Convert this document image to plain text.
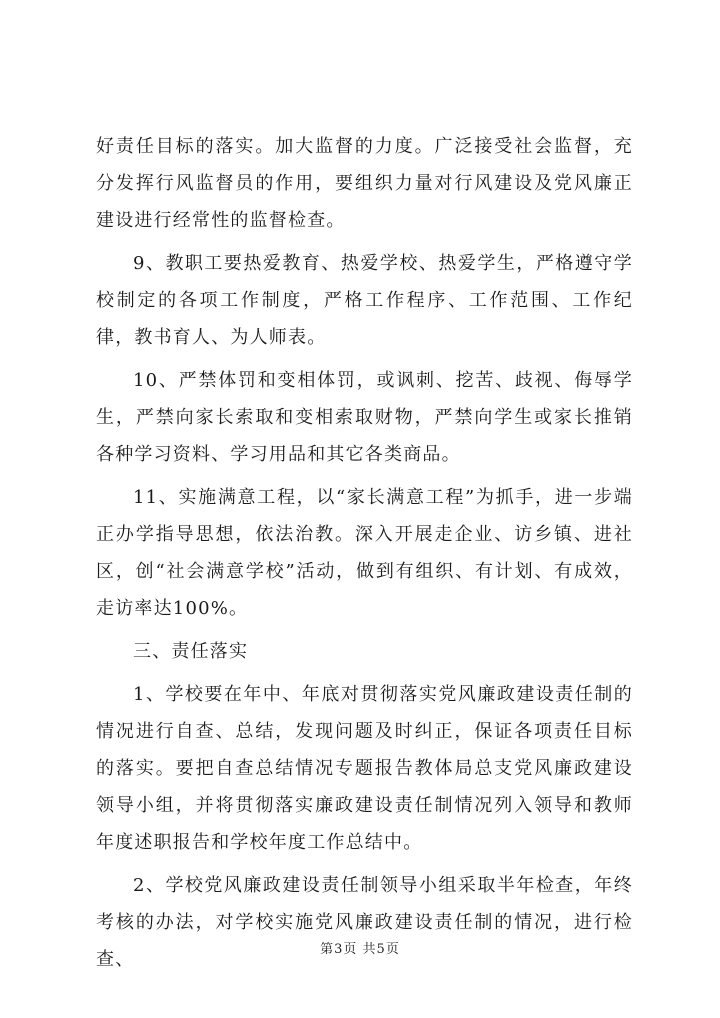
好责任目标的落实。加大监督的力度。广泛接受社会监督，充分发挥行风监督员的作用，要组织力量对行风建设及党风廉正建设进行经常性的监督检查。

9、教职工要热爱教育、热爱学校、热爱学生，严格遵守学校制定的各项工作制度，严格工作程序、工作范围、工作纪律，教书育人、为人师表。

10、严禁体罚和变相体罚，或讽刺、挖苦、歧视、侮辱学生，严禁向家长索取和变相索取财物，严禁向学生或家长推销各种学习资料、学习用品和其它各类商品。

11、实施满意工程，以“家长满意工程”为抓手，进一步端正办学指导思想，依法治教。深入开展走企业、访乡镇、进社区，创“社会满意学校”活动，做到有组织、有计划、有成效，走访率达100%。

三、责任落实

1、学校要在年中、年底对贯彻落实党风廉政建设责任制的情况进行自查、总结，发现问题及时纠正，保证各项责任目标的落实。要把自查总结情况专题报告教体局总支党风廉政建设领导小组，并将贯彻落实廉政建设责任制情况列入领导和教师年度述职报告和学校年度工作总结中。

2、学校党风廉政建设责任制领导小组采取半年检查，年终考核的办法，对学校实施党风廉政建设责任制的情况，进行检查、	第3页 共5页
